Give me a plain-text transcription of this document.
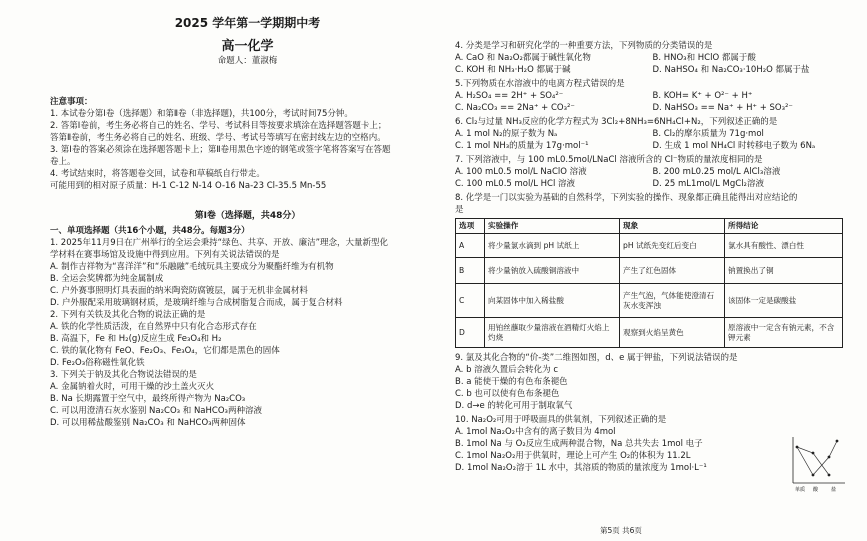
2025 学年第一学期期中考
高一化学
命题人：董淑梅
注意事项：
1. 本试卷分第Ⅰ卷（选择题）和第Ⅱ卷（非选择题)，共100分，考试时间75分钟。
2. 答第Ⅰ卷前，考生务必将自己的姓名、学号、考试科目等按要求填涂在选择题答题卡上；
答第Ⅱ卷前，考生务必将自己的姓名、班级、学号、考试号等填写在密封线左边的空格内。
3. 第Ⅰ卷的答案必须涂在选择题答题卡上；第Ⅱ卷用黑色字迹的钢笔或签字笔将答案写在答题
卷上。
4. 考试结束时，将答题卷交回，试卷和草稿纸自行带走。
可能用到的相对原子质量：H-1 C-12 N-14 O-16 Na-23 Cl-35.5 Mn-55
第Ⅰ卷（选择题，共48分）
一、单项选择题（共16个小题，共48分。每题3分）
1. 2025年11月9日在广州举行的全运会秉持“绿色、共享、开放、廉洁”理念，大量新型化
学材料在赛事场馆及设施中得到应用。下列有关说法错误的是
A. 制作吉祥物为“喜洋洋”和“乐融融”毛绒玩具主要成分为聚酯纤维为有机物
B. 全运会奖牌都为纯金属制成
C. 户外赛事照明灯具表面的纳米陶瓷防腐镀层，属于无机非金属材料
D. 户外服配采用玻璃钢材质，是玻璃纤维与合成树脂复合而成，属于复合材料
2. 下列有关铁及其化合物的说法正确的是
A. 铁的化学性质活泼，在自然界中只有化合态形式存在
B. 高温下，Fe 和 H₂(g)反应生成 Fe₃O₄和 H₂
C. 铁的氧化物有 FeO、Fe₂O₃、Fe₃O₄，它们都是黑色的固体
D. Fe₂O₃俗称磁性氧化铁
3. 下列关于钠及其化合物说法错误的是
A. 金属钠着火时，可用干燥的沙土盖火灭火
B. Na 长期露置于空气中，最终所得产物为 Na₂CO₃
C. 可以用澄清石灰水鉴别 Na₂CO₃ 和 NaHCO₃两种溶液
D. 可以用稀盐酸鉴别 Na₂CO₃ 和 NaHCO₃两种固体
4. 分类是学习和研究化学的一种重要方法，下列物质的分类错误的是
A. CaO 和 Na₂O₂都属于碱性氧化物	B. HNO₃和 HClO 都属于酸
C. KOH 和 NH₃·H₂O 都属于碱	D. NaHSO₄ 和 Na₂CO₃·10H₂O 都属于盐
5.下列物质在水溶液中的电离方程式错误的是
A. H₂SO₄ == 2H⁺ + SO₄²⁻	B. KOH= K⁺ + O²⁻ + H⁺
C. Na₂CO₃ == 2Na⁺ + CO₃²⁻	D. NaHSO₃ == Na⁺ + H⁺ + SO₃²⁻
6. Cl₂与过量 NH₃反应的化学方程式为 3Cl₂+8NH₃=6NH₄Cl+N₂，下列叙述正确的是
A. 1 mol N₂的原子数为 Nₐ	B. Cl₂的摩尔质量为 71g·mol
C. 1 mol NH₃的质量为 17g·mol⁻¹	D. 生成 1 mol NH₄Cl 时转移电子数为 6Nₐ
7. 下列溶液中，与 100 mL0.5mol/LNaCl 溶液所含的 Cl⁻物质的量浓度相同的是
A. 100 mL0.5 mol/L NaClO 溶液	B. 200 mL0.25 mol/L AlCl₃溶液
C. 100 mL0.5 mol/L HCl 溶液	D. 25 mL1mol/L MgCl₂溶液
8. 化学是一门以实验为基础的自然科学，下列实验的操作、现象都正确且能得出对应结论的
是
选项	实验操作	现象	所得结论
A	将少量氯水滴到 pH 试纸上	pH 试纸先变红后变白	氯水具有酸性、漂白性
B	将少量钠放入硫酸铜溶液中	产生了红色固体	钠置换出了铜
C	向某固体中加入稀盐酸	产生气泡，气体能使澄清石灰水变浑浊	该固体一定是碳酸盐
D	用铂丝蘸取少量溶液在酒精灯火焰上灼烧	观察到火焰呈黄色	原溶液中一定含有钠元素，不含钾元素
9. 氯及其化合物的“价-类”二维图如图，d、e 属于钾盐，下列说法错误的是
A. b 溶液久置后会转化为 c
B. a 能使干燥的有色布条褪色
C. b 也可以使有色布条褪色
D. d→e 的转化可用于制取氧气
10. Na₂O₂可用于呼吸面具的供氧剂，下列叙述正确的是
A. 1mol Na₂O₂中含有的离子数目为 4mol
B. 1mol Na 与 O₂反应生成两种混合物，Na 总共失去 1mol 电子
C. 1mol Na₂O₂用于供氧时，理论上可产生 O₂的体积为 11.2L
D. 1mol Na₂O₂溶于 1L 水中，其溶质的物质的量浓度为 1mol·L⁻¹
单质 酸	盐
第5页 共6页
